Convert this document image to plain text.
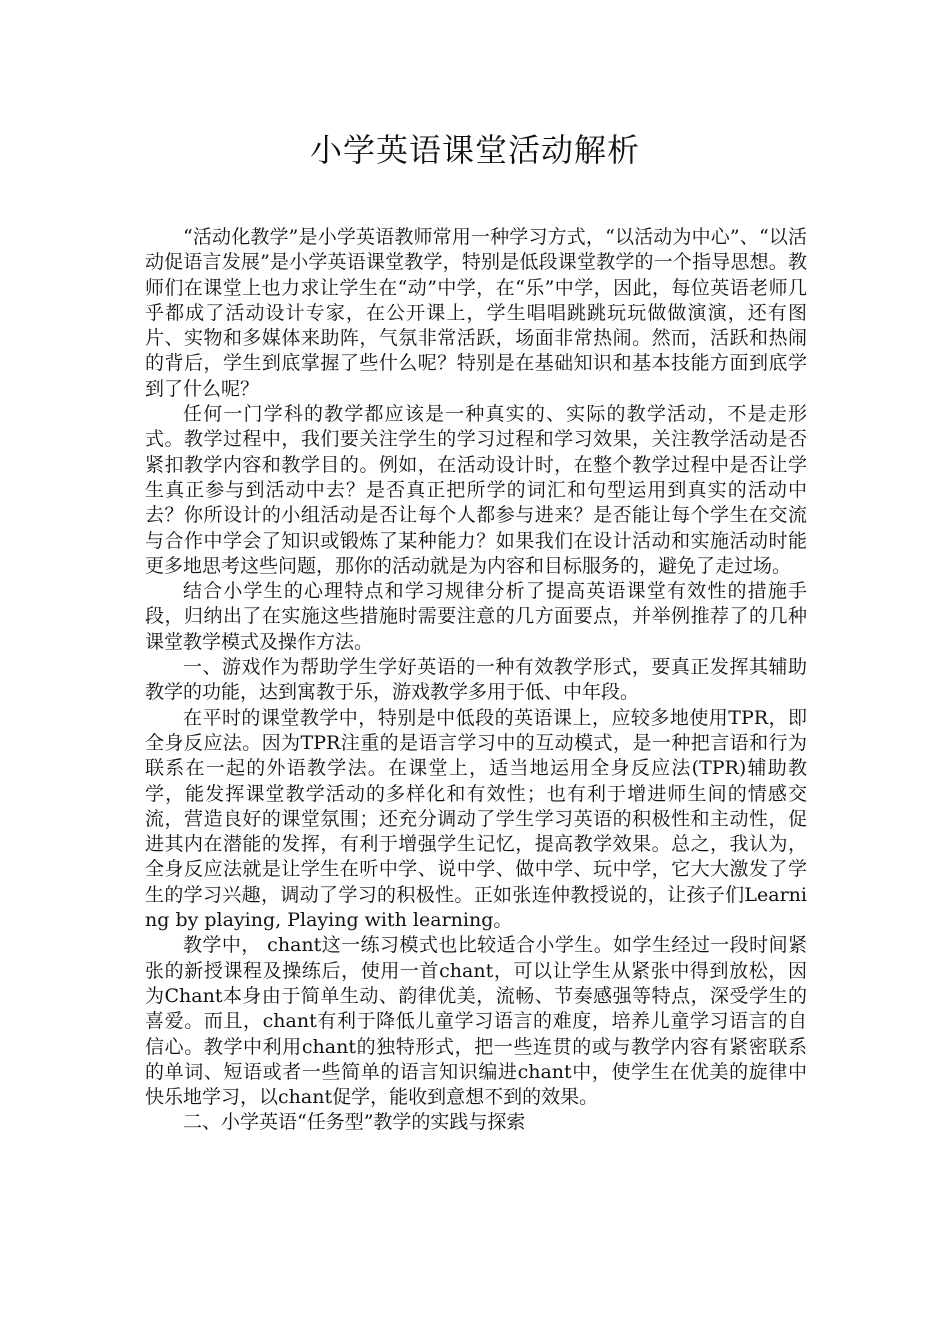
小学英语课堂活动解析

“活动化教学”是小学英语教师常用一种学习方式，“以活动为中心”、“以活动促语言发展”是小学英语课堂教学，特别是低段课堂教学的一个指导思想。教师们在课堂上也力求让学生在“动”中学，在“乐”中学，因此，每位英语老师几乎都成了活动设计专家，在公开课上，学生唱唱跳跳玩玩做做演演，还有图片、实物和多媒体来助阵，气氛非常活跃，场面非常热闹。然而，活跃和热闹的背后，学生到底掌握了些什么呢？特别是在基础知识和基本技能方面到底学到了什么呢？

任何一门学科的教学都应该是一种真实的、实际的教学活动，不是走形式。教学过程中，我们要关注学生的学习过程和学习效果，关注教学活动是否紧扣教学内容和教学目的。例如，在活动设计时，在整个教学过程中是否让学生真正参与到活动中去？是否真正把所学的词汇和句型运用到真实的活动中去？你所设计的小组活动是否让每个人都参与进来？是否能让每个学生在交流与合作中学会了知识或锻炼了某种能力？如果我们在设计活动和实施活动时能更多地思考这些问题，那你的活动就是为内容和目标服务的，避免了走过场。

结合小学生的心理特点和学习规律分析了提高英语课堂有效性的措施手段，归纳出了在实施这些措施时需要注意的几方面要点，并举例推荐了的几种课堂教学模式及操作方法。

一、游戏作为帮助学生学好英语的一种有效教学形式，要真正发挥其辅助教学的功能，达到寓教于乐，游戏教学多用于低、中年段。

在平时的课堂教学中，特别是中低段的英语课上，应较多地使用TPR，即全身反应法。因为TPR注重的是语言学习中的互动模式，是一种把言语和行为联系在一起的外语教学法。在课堂上，适当地运用全身反应法(TPR)辅助教学，能发挥课堂教学活动的多样化和有效性；也有利于增进师生间的情感交流，营造良好的课堂氛围；还充分调动了学生学习英语的积极性和主动性，促进其内在潜能的发挥，有利于增强学生记忆，提高教学效果。总之，我认为，全身反应法就是让学生在听中学、说中学、做中学、玩中学，它大大激发了学生的学习兴趣，调动了学习的积极性。正如张连仲教授说的，让孩子们Learning by playing, Playing with learning。

教学中， chant这一练习模式也比较适合小学生。如学生经过一段时间紧张的新授课程及操练后，使用一首chant，可以让学生从紧张中得到放松，因为Chant本身由于简单生动、韵律优美，流畅、节奏感强等特点，深受学生的喜爱。而且，chant有利于降低儿童学习语言的难度，培养儿童学习语言的自信心。教学中利用chant的独特形式，把一些连贯的或与教学内容有紧密联系的单词、短语或者一些简单的语言知识编进chant中，使学生在优美的旋律中快乐地学习，以chant促学，能收到意想不到的效果。

二、小学英语“任务型”教学的实践与探索
